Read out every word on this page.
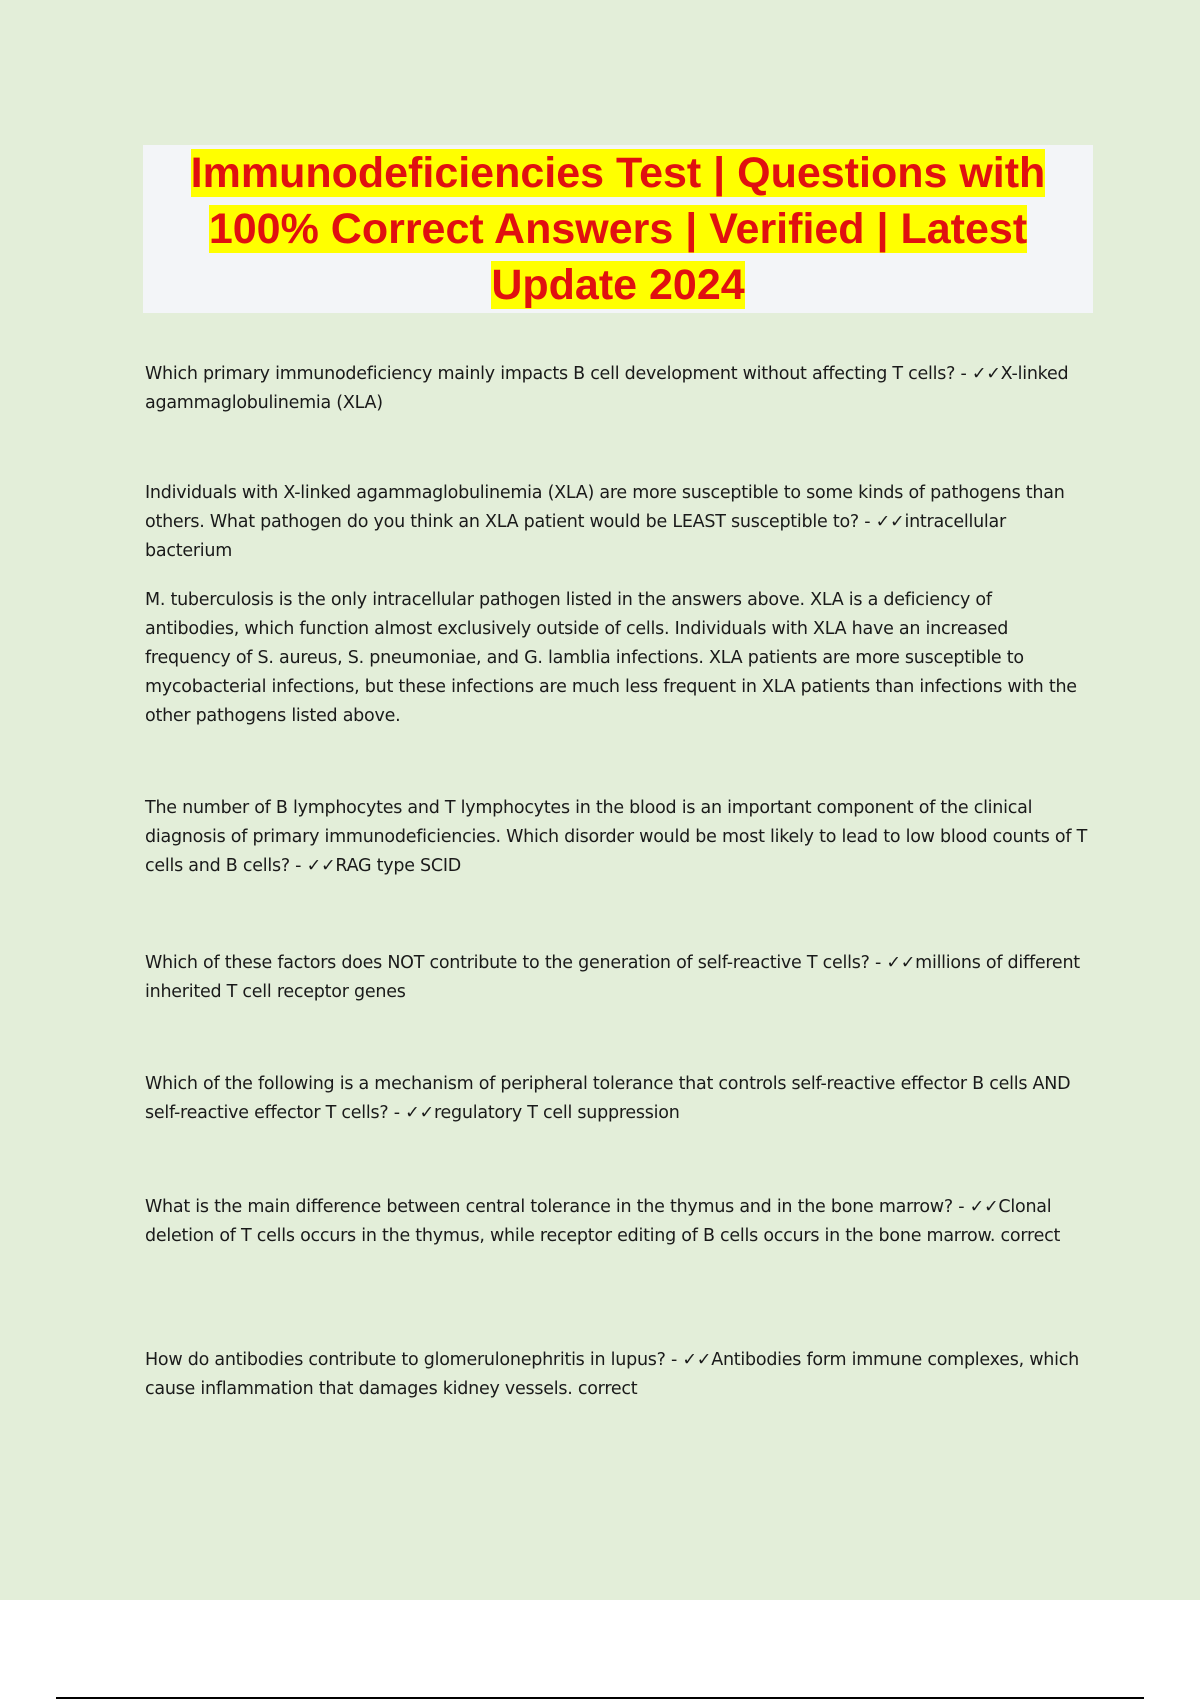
Immunodeficiencies Test | Questions with 100% Correct Answers | Verified | Latest Update 2024
Which primary immunodeficiency mainly impacts B cell development without affecting T cells? - ✓✓X-linked agammaglobulinemia (XLA)
Individuals with X-linked agammaglobulinemia (XLA) are more susceptible to some kinds of pathogens than others. What pathogen do you think an XLA patient would be LEAST susceptible to? - ✓✓intracellular bacterium
M. tuberculosis is the only intracellular pathogen listed in the answers above. XLA is a deficiency of antibodies, which function almost exclusively outside of cells. Individuals with XLA have an increased frequency of S. aureus, S. pneumoniae, and G. lamblia infections. XLA patients are more susceptible to mycobacterial infections, but these infections are much less frequent in XLA patients than infections with the other pathogens listed above.
The number of B lymphocytes and T lymphocytes in the blood is an important component of the clinical diagnosis of primary immunodeficiencies. Which disorder would be most likely to lead to low blood counts of T cells and B cells? - ✓✓RAG type SCID
Which of these factors does NOT contribute to the generation of self-reactive T cells? - ✓✓millions of different inherited T cell receptor genes
Which of the following is a mechanism of peripheral tolerance that controls self-reactive effector B cells AND self-reactive effector T cells? - ✓✓regulatory T cell suppression
What is the main difference between central tolerance in the thymus and in the bone marrow? - ✓✓Clonal deletion of T cells occurs in the thymus, while receptor editing of B cells occurs in the bone marrow. correct
How do antibodies contribute to glomerulonephritis in lupus? - ✓✓Antibodies form immune complexes, which cause inflammation that damages kidney vessels. correct
